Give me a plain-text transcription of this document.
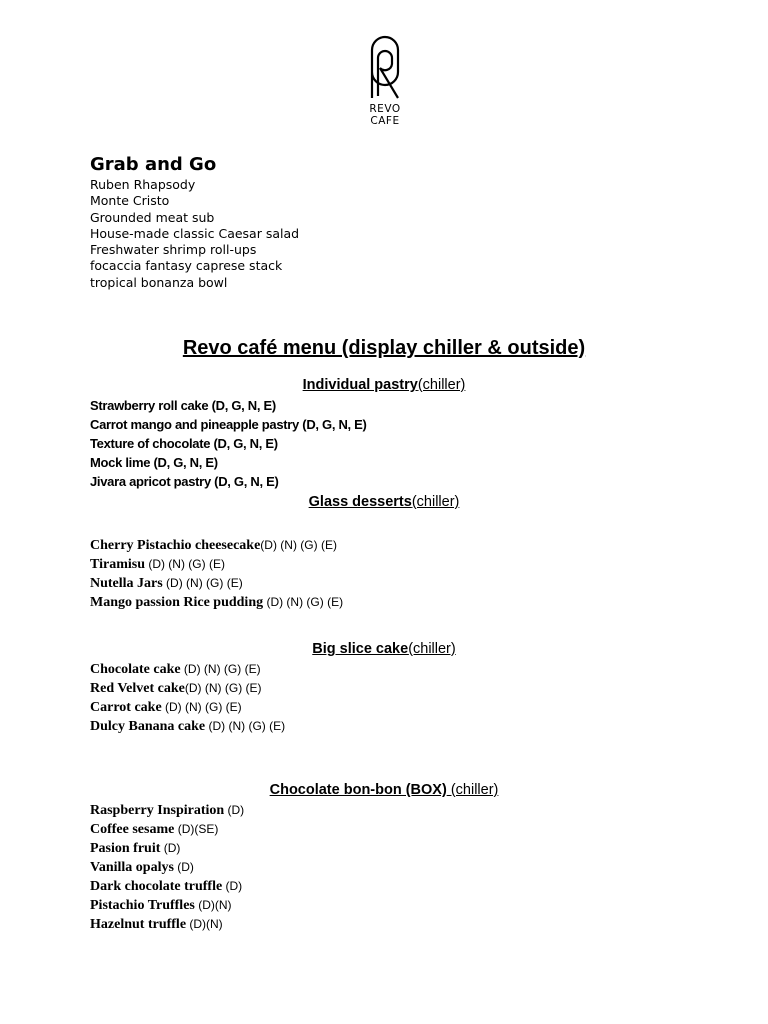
REVO
CAFE
Grab and Go
Ruben Rhapsody
Monte Cristo
Grounded meat sub
House-made classic Caesar salad
Freshwater shrimp roll-ups
focaccia fantasy caprese stack
tropical bonanza bowl
Revo café menu (display chiller & outside)
Individual pastry(chiller)
Strawberry roll cake (D, G, N, E)
Carrot mango and pineapple pastry (D, G, N, E)
Texture of chocolate (D, G, N, E)
Mock lime (D, G, N, E)
Jivara apricot pastry (D, G, N, E)
Glass desserts(chiller)
Cherry Pistachio cheesecake(D) (N) (G) (E)
Tiramisu (D) (N) (G) (E)
Nutella Jars (D) (N) (G) (E)
Mango passion Rice pudding (D) (N) (G) (E)
Big slice cake(chiller)
Chocolate cake (D) (N) (G) (E)
Red Velvet cake(D) (N) (G) (E)
Carrot cake (D) (N) (G) (E)
Dulcy Banana cake (D) (N) (G) (E)
Chocolate bon-bon (BOX) (chiller)
Raspberry Inspiration (D)
Coffee sesame (D)(SE)
Pasion fruit (D)
Vanilla opalys (D)
Dark chocolate truffle (D)
Pistachio Truffles (D)(N)
Hazelnut truffle (D)(N)
